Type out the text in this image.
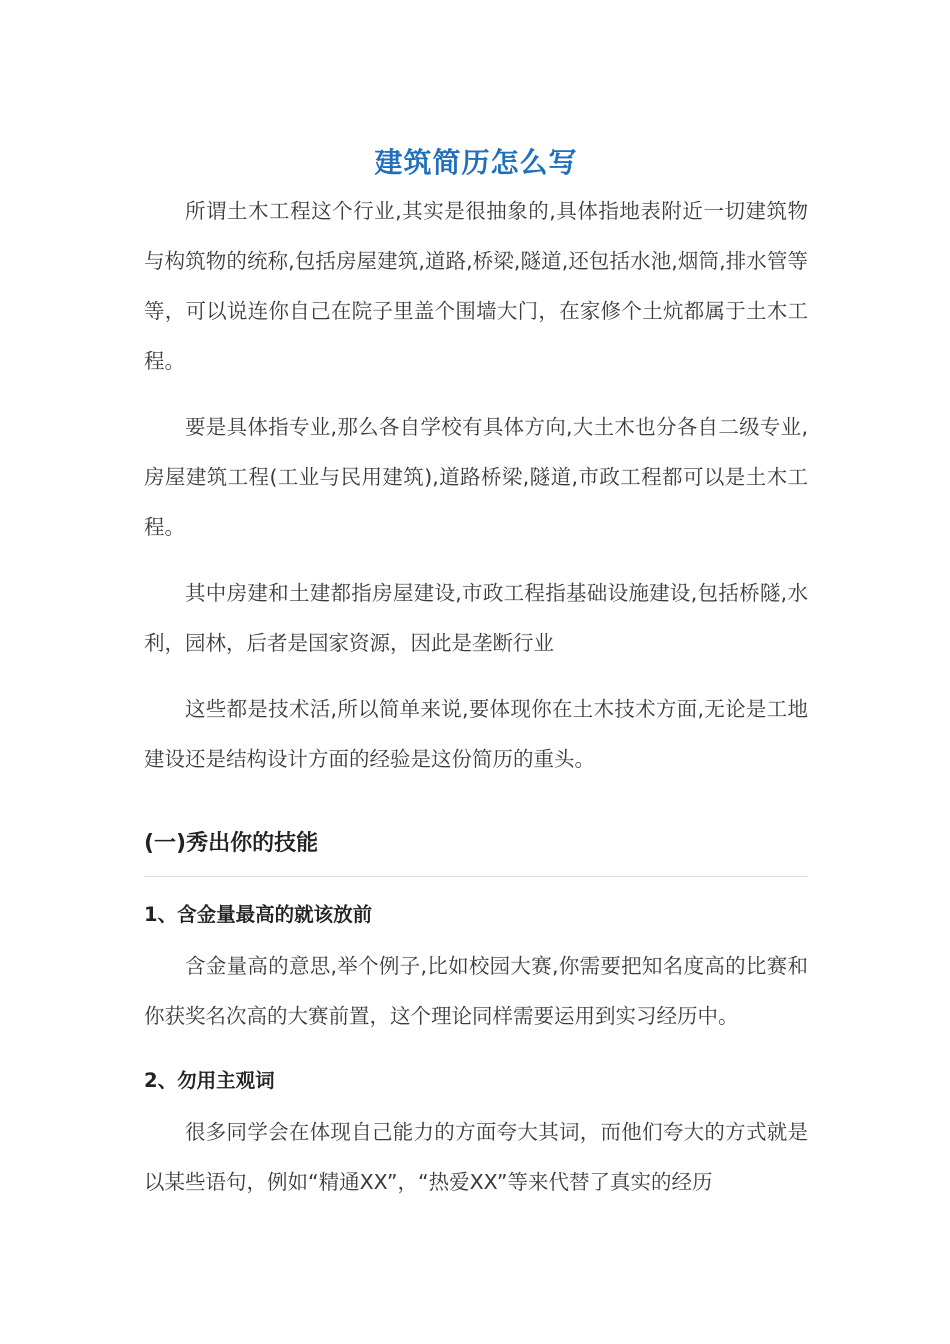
建筑简历怎么写

所谓土木工程这个行业,其实是很抽象的,具体指地表附近一切建筑物与构筑物的统称,包括房屋建筑,道路,桥梁,隧道,还包括水池,烟筒,排水管等等，可以说连你自己在院子里盖个围墙大门，在家修个土炕都属于土木工程。

要是具体指专业,那么各自学校有具体方向,大土木也分各自二级专业,房屋建筑工程(工业与民用建筑),道路桥梁,隧道,市政工程都可以是土木工程。

其中房建和土建都指房屋建设,市政工程指基础设施建设,包括桥隧,水利，园林，后者是国家资源，因此是垄断行业

这些都是技术活,所以简单来说,要体现你在土木技术方面,无论是工地建设还是结构设计方面的经验是这份简历的重头。

(一)秀出你的技能
1、含金量最高的就该放前

含金量高的意思,举个例子,比如校园大赛,你需要把知名度高的比赛和你获奖名次高的大赛前置，这个理论同样需要运用到实习经历中。

2、勿用主观词

很多同学会在体现自己能力的方面夸大其词，而他们夸大的方式就是以某些语句，例如“精通XX”，“热爱XX”等来代替了真实的经历
